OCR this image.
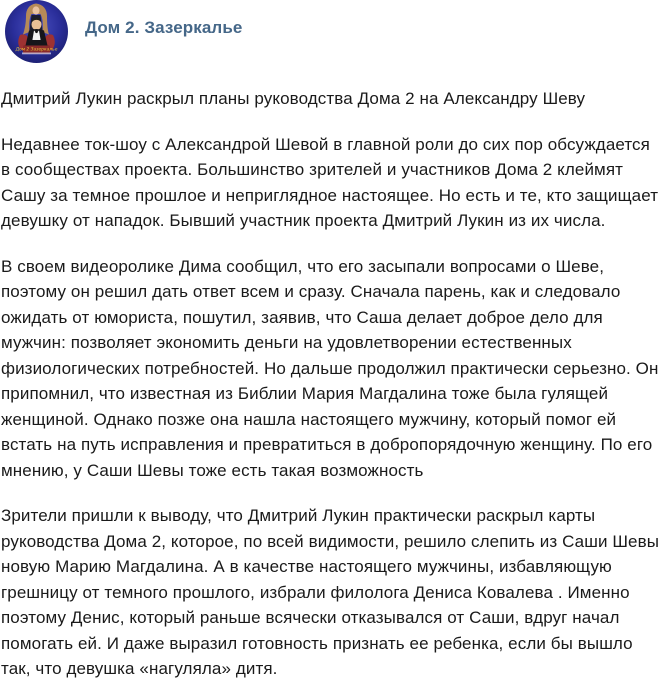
Дом 2 Зазеркалье
Дом 2. Зазеркалье

Дмитрий Лукин раскрыл планы руководства Дома 2 на Александру Шеву

Недавнее ток-шоу с Александрой Шевой в главной роли до сих пор обсуждается в сообществах проекта. Большинство зрителей и участников Дома 2 клеймят Сашу за темное прошлое и неприглядное настоящее. Но есть и те, кто защищает девушку от нападок. Бывший участник проекта Дмитрий Лукин из их числа.

В своем видеоролике Дима сообщил, что его засыпали вопросами о Шеве, поэтому он решил дать ответ всем и сразу. Сначала парень, как и следовало ожидать от юмориста, пошутил, заявив, что Саша делает доброе дело для мужчин: позволяет экономить деньги на удовлетворении естественных физиологических потребностей. Но дальше продолжил практически серьезно. Он припомнил, что известная из Библии Мария Магдалина тоже была гулящей женщиной. Однако позже она нашла настоящего мужчину, который помог ей встать на путь исправления и превратиться в добропорядочную женщину. По его мнению, у Саши Шевы тоже есть такая возможность

Зрители пришли к выводу, что Дмитрий Лукин практически раскрыл карты руководства Дома 2, которое, по всей видимости, решило слепить из Саши Шевы новую Марию Магдалина. А в качестве настоящего мужчины, избавляющую грешницу от темного прошлого, избрали филолога Дениса Ковалева . Именно поэтому Денис, который раньше всячески отказывался от Саши, вдруг начал помогать ей. И даже выразил готовность признать ее ребенка, если бы вышло так, что девушка «нагуляла» дитя.
